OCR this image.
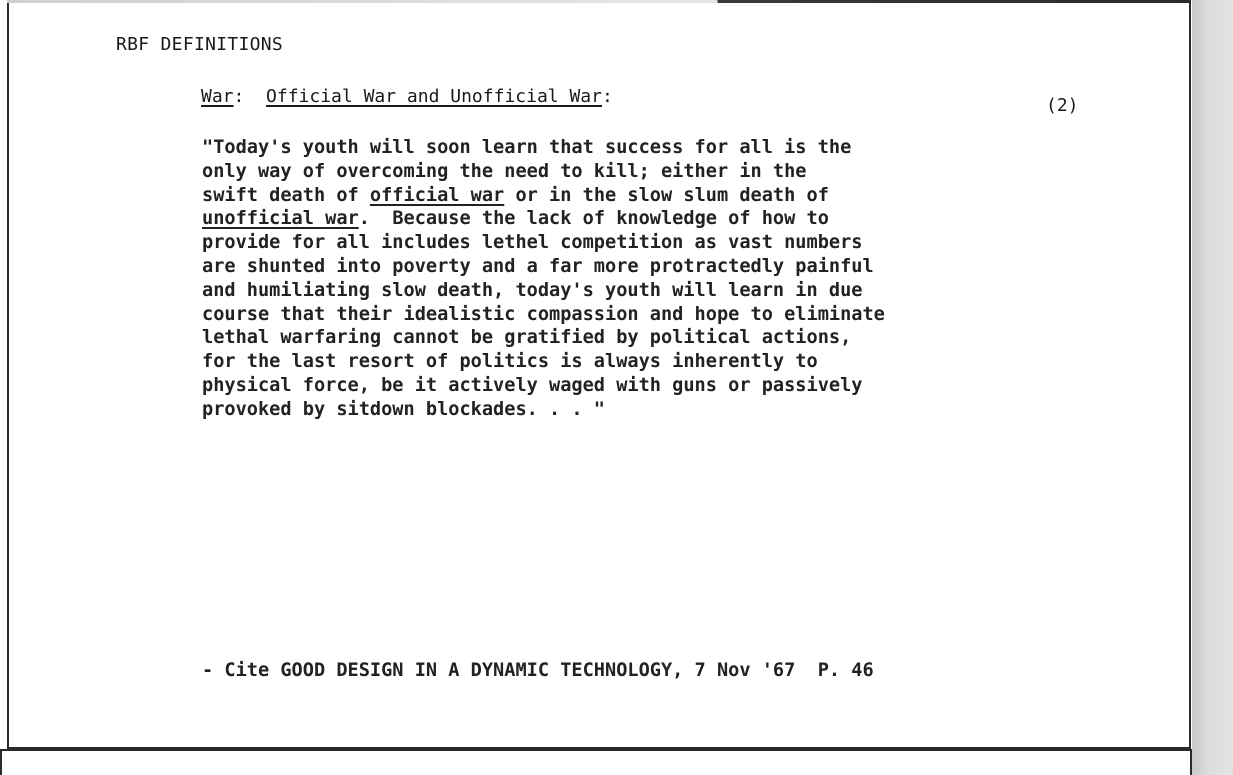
RBF DEFINITIONS
War:  Official War and Unofficial War:	(2)
"Today's youth will soon learn that success for all is the
only way of overcoming the need to kill; either in the
swift death of official war or in the slow slum death of
unofficial war.  Because the lack of knowledge of how to
provide for all includes lethel competition as vast numbers
are shunted into poverty and a far more protractedly painful
and humiliating slow death, today's youth will learn in due
course that their idealistic compassion and hope to eliminate
lethal warfaring cannot be gratified by political actions,
for the last resort of politics is always inherently to
physical force, be it actively waged with guns or passively
provoked by sitdown blockades. . . "
- Cite GOOD DESIGN IN A DYNAMIC TECHNOLOGY, 7 Nov '67  P. 46
